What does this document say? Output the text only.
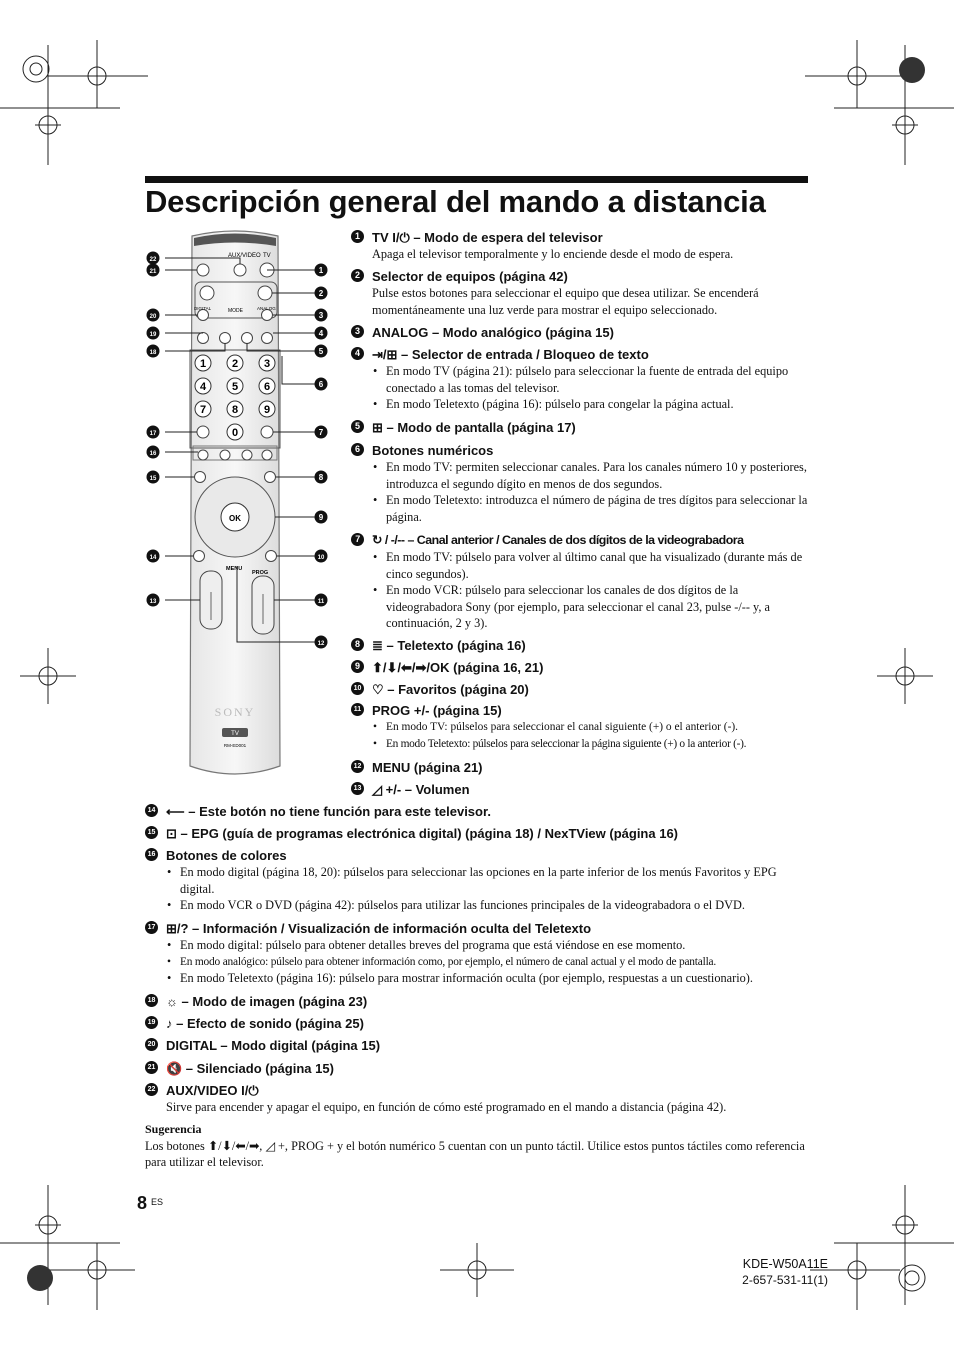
Descripción general del mando a distancia
AUX/VIDEO TV
MODE
DIGITAL	ANALOG
1 2 3
4 5 6
7 8 9
0
OK
MENU
PROG
SONY
TV
RM-ED001
1
2
3
4
5
6
7
8
9
10
11
12
22
21
20
19
18
17
16
15
14
13
1 TV I/⏻ – Modo de espera del televisor
Apaga el televisor temporalmente y lo enciende desde el modo de espera.
2 Selector de equipos (página 42)
Pulse estos botones para seleccionar el equipo que desea utilizar. Se encenderá momentáneamente una luz verde para mostrar el equipo seleccionado.
3 ANALOG – Modo analógico (página 15)
4 ⇥/⊞ – Selector de entrada / Bloqueo de texto
• En modo TV (página 21): púlselo para seleccionar la fuente de entrada del equipo conectado a las tomas del televisor.
• En modo Teletexto (página 16): púlselo para congelar la página actual.
5 ⊞ – Modo de pantalla (página 17)
6 Botones numéricos
• En modo TV: permiten seleccionar canales. Para los canales número 10 y posteriores, introduzca el segundo dígito en menos de dos segundos.
• En modo Teletexto: introduzca el número de página de tres dígitos para seleccionar la página.
7 ↻ / -/-- – Canal anterior / Canales de dos dígitos de la videograbadora
• En modo TV: púlselo para volver al último canal que ha visualizado (durante más de cinco segundos).
• En modo VCR: púlselo para seleccionar los canales de dos dígitos de la videograbadora Sony (por ejemplo, para seleccionar el canal 23, pulse -/-- y, a continuación, 2 y 3).
8 ≣ – Teletexto (página 16)
9 ⬆/⬇/⬅/➡/OK (página 16, 21)
10 ♡ – Favoritos (página 20)
11 PROG +/- (página 15)
• En modo TV: púlselos para seleccionar el canal siguiente (+) o el anterior (-).
• En modo Teletexto: púlselos para seleccionar la página siguiente (+) o la anterior (-).
12 MENU (página 21)
13 ◿ +/- – Volumen
14 ⟵ – Este botón no tiene función para este televisor.
15 ⊡ – EPG (guía de programas electrónica digital) (página 18) / NexTView (página 16)
16 Botones de colores
• En modo digital (página 18, 20): púlselos para seleccionar las opciones en la parte inferior de los menús Favoritos y EPG digital.
• En modo VCR o DVD (página 42): púlselos para utilizar las funciones principales de la videograbadora o el DVD.
17 ⊞/? – Información / Visualización de información oculta del Teletexto
• En modo digital: púlselo para obtener detalles breves del programa que está viéndose en ese momento.
• En modo analógico: púlselo para obtener información como, por ejemplo, el número de canal actual y el modo de pantalla.
• En modo Teletexto (página 16): púlselo para mostrar información oculta (por ejemplo, respuestas a un cuestionario).
18 ☼ – Modo de imagen (página 23)
19 ♪ – Efecto de sonido (página 25)
20 DIGITAL – Modo digital (página 15)
21 🔇 – Silenciado (página 15)
22 AUX/VIDEO I/⏻
Sirve para encender y apagar el equipo, en función de cómo esté programado en el mando a distancia (página 42).
Sugerencia
Los botones ⬆/⬇/⬅/➡, ◿ +, PROG + y el botón numérico 5 cuentan con un punto táctil. Utilice estos puntos táctiles como referencia para utilizar el televisor.
8 ES
KDE-W50A11E
2-657-531-11(1)
